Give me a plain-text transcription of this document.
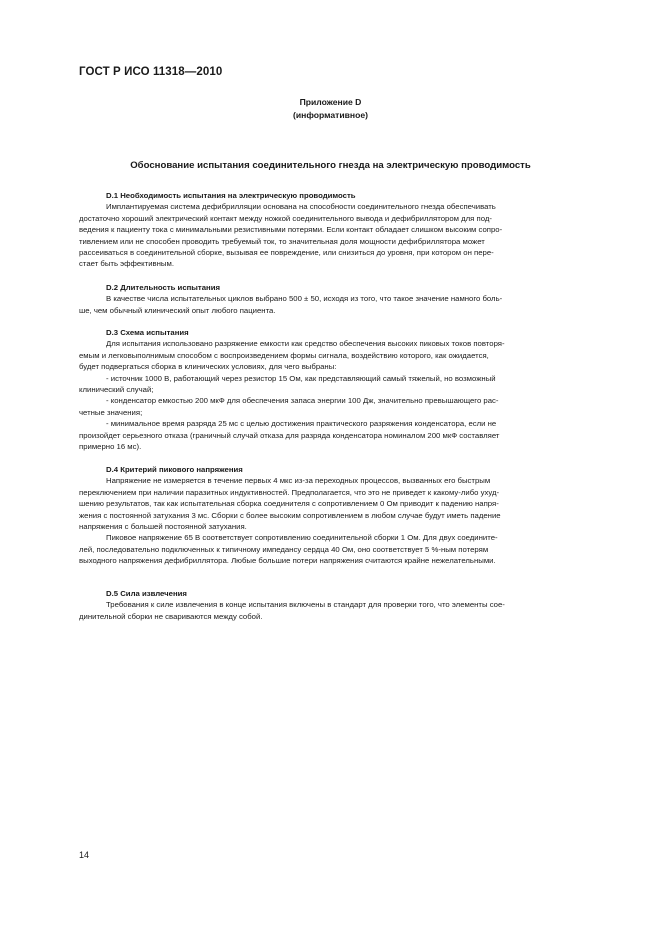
ГОСТ Р ИСО 11318—2010
Приложение D
(информативное)
Обоснование испытания соединительного гнезда на электрическую проводимость
D.1 Необходимость испытания на электрическую проводимость
Имплантируемая система дефибрилляции основана на способности соединительного гнезда обеспечивать
достаточно хороший электрический контакт между ножкой соединительного вывода и дефибриллятором для под-
ведения к пациенту тока с минимальными резистивными потерями. Если контакт обладает слишком высоким сопро-
тивлением или не способен проводить требуемый ток, то значительная доля мощности дефибриллятора может
рассеиваться в соединительной сборке, вызывая ее повреждение, или снизиться до уровня, при котором он пере-
стает быть эффективным.
D.2 Длительность испытания
В качестве числа испытательных циклов выбрано 500 ± 50, исходя из того, что такое значение намного боль-
ше, чем обычный клинический опыт любого пациента.
D.3 Схема испытания
Для испытания использовано разряжение емкости как средство обеспечения высоких пиковых токов повторя-
емым и легковыполнимым способом с воспроизведением формы сигнала, воздействию которого, как ожидается,
будет подвергаться сборка в клинических условиях, для чего выбраны:
- источник 1000 В, работающий через резистор 15 Ом, как представляющий самый тяжелый, но возможный
клинический случай;
- конденсатор емкостью 200 мкФ для обеспечения запаса энергии 100 Дж, значительно превышающего рас-
четные значения;
- минимальное время разряда 25 мс с целью достижения практического разряжения конденсатора, если не
произойдет серьезного отказа (граничный случай отказа для разряда конденсатора номиналом 200 мкФ составляет
примерно 16 мс).
D.4 Критерий пикового напряжения
Напряжение не измеряется в течение первых 4 мкс из-за переходных процессов, вызванных его быстрым
переключением при наличии паразитных индуктивностей. Предполагается, что это не приведет к какому-либо ухуд-
шению результатов, так как испытательная сборка соединителя с сопротивлением 0 Ом приводит к падению напря-
жения с постоянной затухания 3 мс. Сборки с более высоким сопротивлением в любом случае будут иметь падение
напряжения с большей постоянной затухания.
Пиковое напряжение 65 В соответствует сопротивлению соединительной сборки 1 Ом. Для двух соедините-
лей, последовательно подключенных к типичному импедансу сердца 40 Ом, оно соответствует 5 %-ным потерям
выходного напряжения дефибриллятора. Любые большие потери напряжения считаются крайне нежелательными.
D.5 Сила извлечения
Требования к силе извлечения в конце испытания включены в стандарт для проверки того, что элементы сое-
динительной сборки не свариваются между собой.
14
